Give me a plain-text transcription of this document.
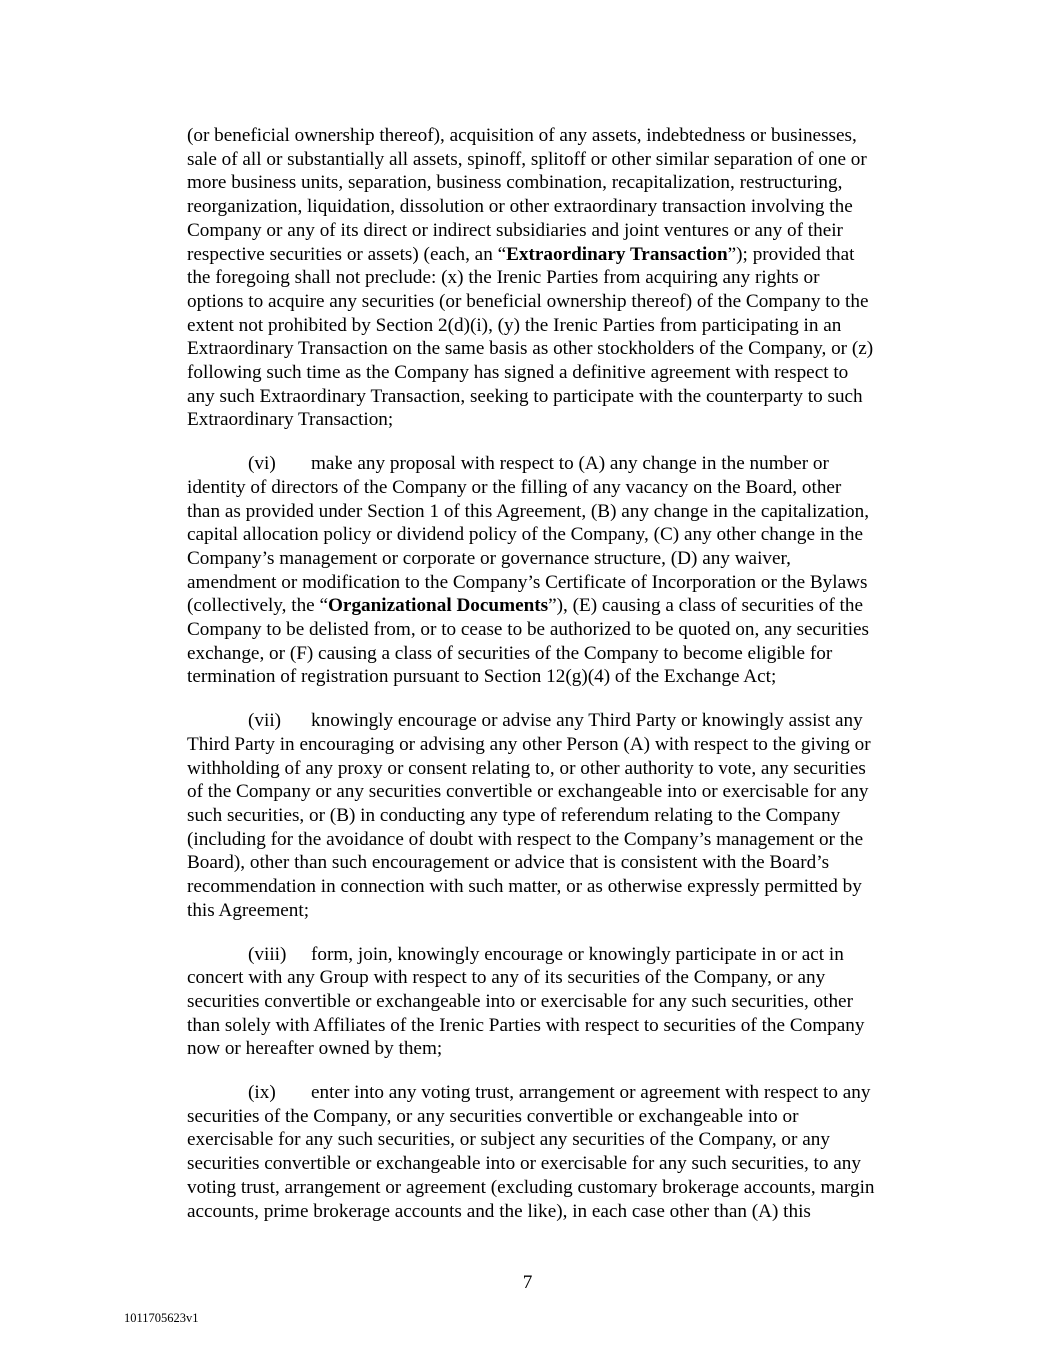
(or beneficial ownership thereof), acquisition of any assets, indebtedness or businesses,
sale of all or substantially all assets, spinoff, splitoff or other similar separation of one or
more business units, separation, business combination, recapitalization, restructuring,
reorganization, liquidation, dissolution or other extraordinary transaction involving the
Company or any of its direct or indirect subsidiaries and joint ventures or any of their
respective securities or assets) (each, an “Extraordinary Transaction”); provided that
the foregoing shall not preclude: (x) the Irenic Parties from acquiring any rights or
options to acquire any securities (or beneficial ownership thereof) of the Company to the
extent not prohibited by Section 2(d)(i), (y) the Irenic Parties from participating in an
Extraordinary Transaction on the same basis as other stockholders of the Company, or (z)
following such time as the Company has signed a definitive agreement with respect to
any such Extraordinary Transaction, seeking to participate with the counterparty to such
Extraordinary Transaction;
(vi) make any proposal with respect to (A) any change in the number or
identity of directors of the Company or the filling of any vacancy on the Board, other
than as provided under Section 1 of this Agreement, (B) any change in the capitalization,
capital allocation policy or dividend policy of the Company, (C) any other change in the
Company’s management or corporate or governance structure, (D) any waiver,
amendment or modification to the Company’s Certificate of Incorporation or the Bylaws
(collectively, the “Organizational Documents”), (E) causing a class of securities of the
Company to be delisted from, or to cease to be authorized to be quoted on, any securities
exchange, or (F) causing a class of securities of the Company to become eligible for
termination of registration pursuant to Section 12(g)(4) of the Exchange Act;
(vii) knowingly encourage or advise any Third Party or knowingly assist any
Third Party in encouraging or advising any other Person (A) with respect to the giving or
withholding of any proxy or consent relating to, or other authority to vote, any securities
of the Company or any securities convertible or exchangeable into or exercisable for any
such securities, or (B) in conducting any type of referendum relating to the Company
(including for the avoidance of doubt with respect to the Company’s management or the
Board), other than such encouragement or advice that is consistent with the Board’s
recommendation in connection with such matter, or as otherwise expressly permitted by
this Agreement;
(viii) form, join, knowingly encourage or knowingly participate in or act in
concert with any Group with respect to any of its securities of the Company, or any
securities convertible or exchangeable into or exercisable for any such securities, other
than solely with Affiliates of the Irenic Parties with respect to securities of the Company
now or hereafter owned by them;
(ix) enter into any voting trust, arrangement or agreement with respect to any
securities of the Company, or any securities convertible or exchangeable into or
exercisable for any such securities, or subject any securities of the Company, or any
securities convertible or exchangeable into or exercisable for any such securities, to any
voting trust, arrangement or agreement (excluding customary brokerage accounts, margin
accounts, prime brokerage accounts and the like), in each case other than (A) this
7
1011705623v1
